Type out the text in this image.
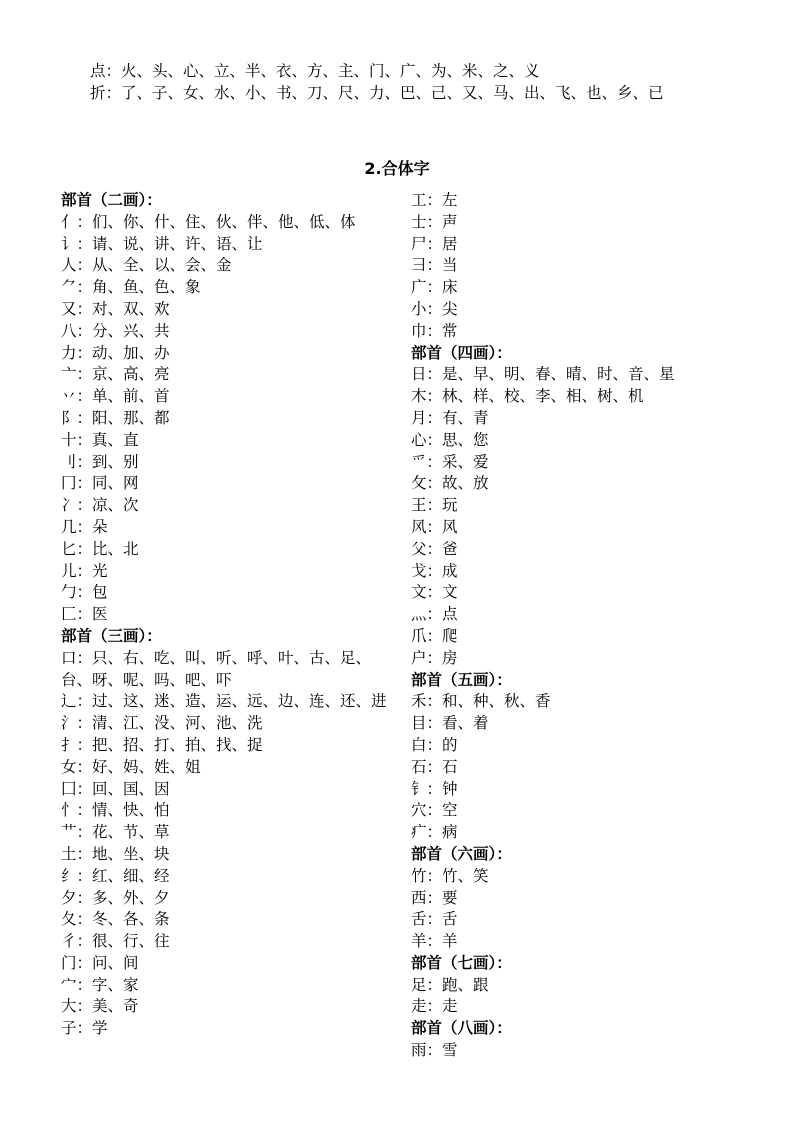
点：火、头、心、立、半、衣、方、主、门、广、为、米、之、义
折：了、子、女、水、小、书、刀、尺、力、巴、己、又、马、出、飞、也、乡、已
2.合体字
部首（二画）：
亻：们、你、什、住、伙、伴、他、低、体
讠：请、说、讲、许、语、让
人：从、全、以、会、金
⺈：角、鱼、色、象
又：对、双、欢
八：分、兴、共
力：动、加、办
亠：京、高、亮
丷：单、前、首
阝：阳、那、都
十：真、直
刂：到、别
冂：同、网
冫：凉、次
几：朵
匕：比、北
儿：光
勹：包
匚：医
部首（三画）：
口：只、右、吃、叫、听、呼、叶、古、足、台、呀、呢、吗、吧、吓
辶：过、这、迷、造、运、远、边、连、还、进
氵：清、江、没、河、池、洗
扌：把、招、打、拍、找、捉
女：好、妈、姓、姐
囗：回、国、因
忄：情、快、怕
艹：花、节、草
土：地、坐、块
纟：红、细、经
夕：多、外、夕
夂：冬、各、条
彳：很、行、往
门：问、间
宀：字、家
大：美、奇
子：学
工：左
士：声
尸：居
彐：当
广：床
小：尖
巾：常
部首（四画）：
日：是、早、明、春、晴、时、音、星
木：林、样、校、李、相、树、机
月：有、青
心：思、您
爫：采、爱
攵：故、放
王：玩
风：风
父：爸
戈：成
文：文
灬：点
爪：爬
户：房
部首（五画）：
禾：和、种、秋、香
目：看、着
白：的
石：石
钅：钟
穴：空
疒：病
部首（六画）：
竹：竹、笑
西：要
舌：舌
羊：羊
部首（七画）：
足：跑、跟
走：走
部首（八画）：
雨：雪
